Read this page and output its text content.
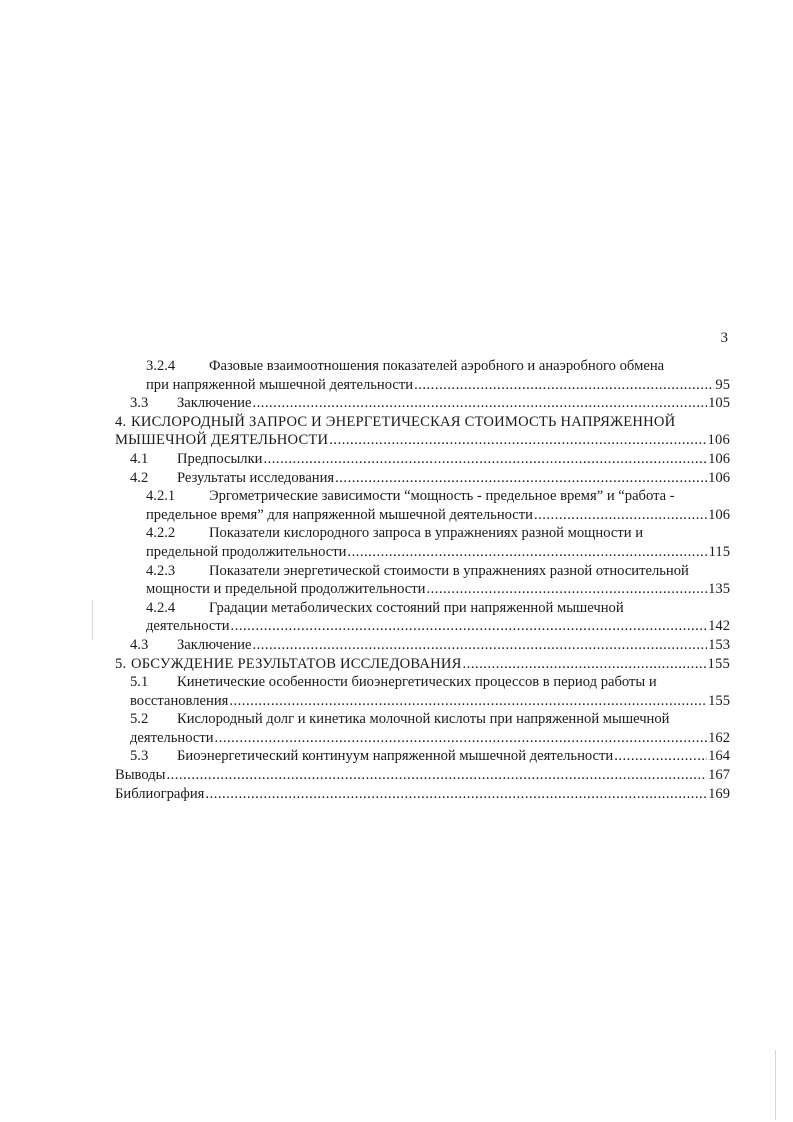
3
3.2.4 Фазовые взаимоотношения показателей аэробного и анаэробного обмена
при напряженной мышечной деятельности .....	95
3.3	Заключение .....	105
4. КИСЛОРОДНЫЙ ЗАПРОС И ЭНЕРГЕТИЧЕСКАЯ СТОИМОСТЬ НАПРЯЖЕННОЙ
МЫШЕЧНОЙ ДЕЯТЕЛЬНОСТИ .....	106
4.1	Предпосылки .....	106
4.2	Результаты исследования .....	106
4.2.1 Эргометрические зависимости “мощность - предельное время” и “работа -
предельное время” для напряженной мышечной деятельности .....	106
4.2.2 Показатели кислородного запроса в упражнениях разной мощности и
предельной продолжительности .....	115
4.2.3 Показатели энергетической стоимости в упражнениях разной относительной
мощности и предельной продолжительности .....	135
4.2.4 Градации метаболических состояний при напряженной мышечной
деятельности .....	142
4.3	Заключение .....	153
5. ОБСУЖДЕНИЕ РЕЗУЛЬТАТОВ ИССЛЕДОВАНИЯ .....	155
5.1 Кинетические особенности биоэнергетических процессов в период работы и
восстановления .....	155
5.2 Кислородный долг и кинетика молочной кислоты при напряженной мышечной
деятельности .....	162
5.3	Биоэнергетический континуум напряженной мышечной деятельности .....	164
Выводы .....	167
Библиография .....	169
